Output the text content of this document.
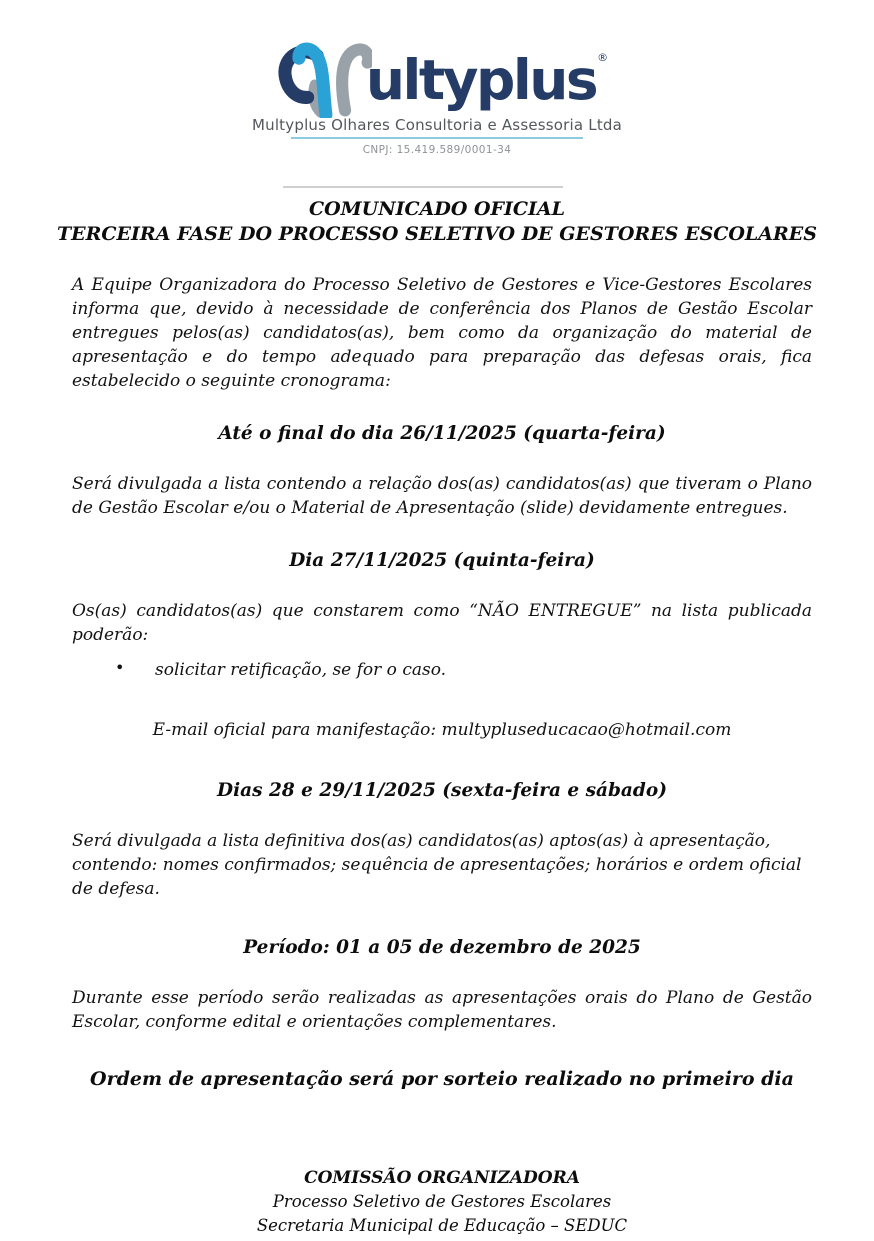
ultyplus®
Multyplus Olhares Consultoria e Assessoria Ltda
CNPJ: 15.419.589/0001-34
COMUNICADO OFICIAL
TERCEIRA FASE DO PROCESSO SELETIVO DE GESTORES ESCOLARES

A Equipe Organizadora do Processo Seletivo de Gestores e Vice-Gestores Escolares informa que, devido à necessidade de conferência dos Planos de Gestão Escolar entregues pelos(as) candidatos(as), bem como da organização do material de apresentação e do tempo adequado para preparação das defesas orais, fica estabelecido o seguinte cronograma:

Até o final do dia 26/11/2025 (quarta-feira)

Será divulgada a lista contendo a relação dos(as) candidatos(as) que tiveram o Plano de Gestão Escolar e/ou o Material de Apresentação (slide) devidamente entregues.

Dia 27/11/2025 (quinta-feira)

Os(as) candidatos(as) que constarem como “NÃO ENTREGUE” na lista publicada poderão:

•	solicitar retificação, se for o caso.

E-mail oficial para manifestação: multypluseducacao@hotmail.com

Dias 28 e 29/11/2025 (sexta-feira e sábado)

Será divulgada a lista definitiva dos(as) candidatos(as) aptos(as) à apresentação, contendo: nomes confirmados; sequência de apresentações; horários e ordem oficial de defesa.

Período: 01 a 05 de dezembro de 2025

Durante esse período serão realizadas as apresentações orais do Plano de Gestão Escolar, conforme edital e orientações complementares.

Ordem de apresentação será por sorteio realizado no primeiro dia

COMISSÃO ORGANIZADORA
Processo Seletivo de Gestores Escolares
Secretaria Municipal de Educação – SEDUC
